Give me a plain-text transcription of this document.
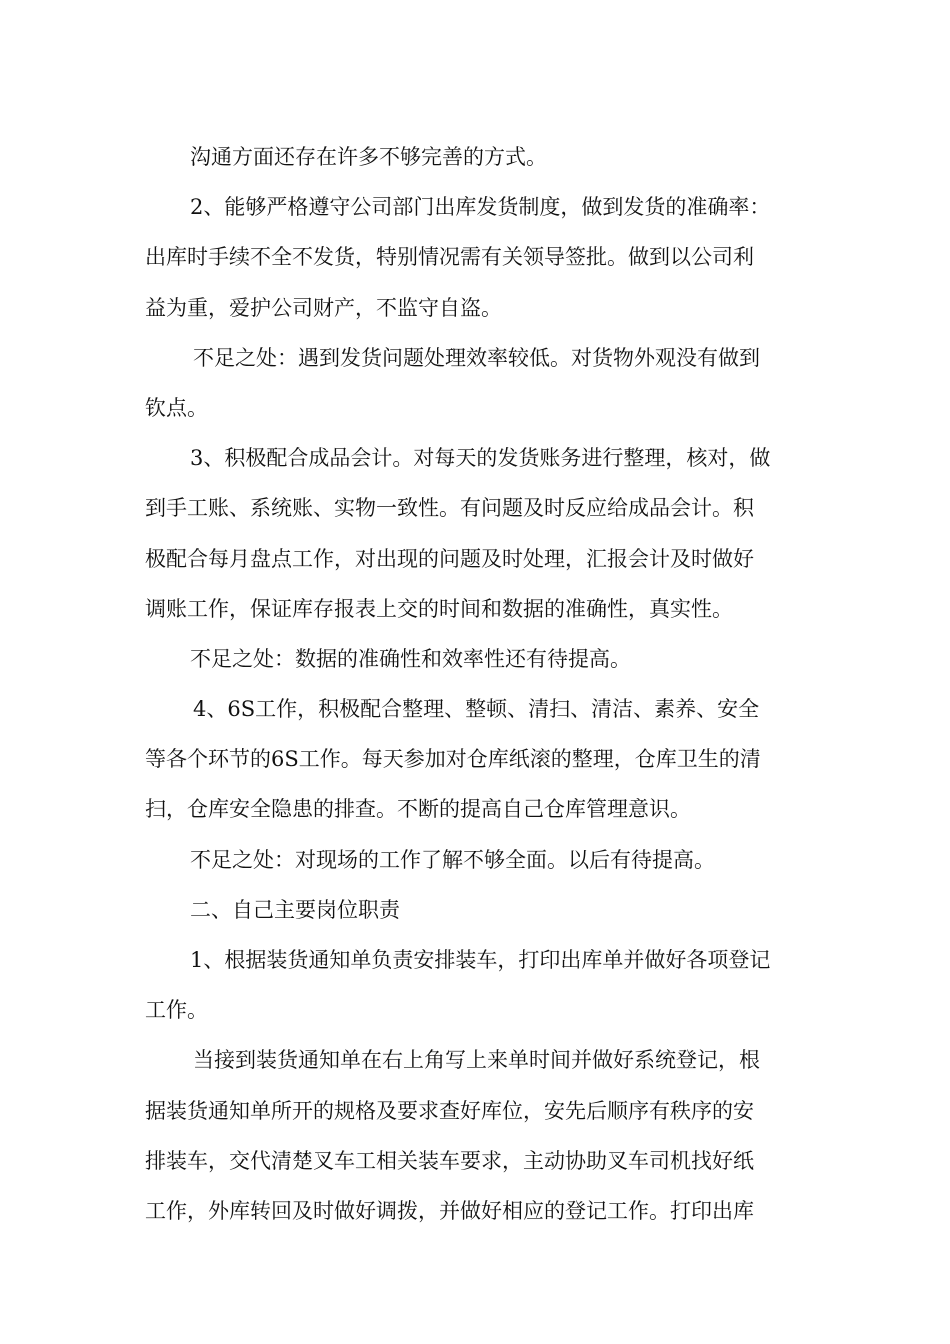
沟通方面还存在许多不够完善的方式。

2、能够严格遵守公司部门出库发货制度，做到发货的准确率：

出库时手续不全不发货，特别情况需有关领导签批。做到以公司利

益为重，爱护公司财产，不监守自盗。

不足之处：遇到发货问题处理效率较低。对货物外观没有做到

钦点。

3、积极配合成品会计。对每天的发货账务进行整理，核对，做

到手工账、系统账、实物一致性。有问题及时反应给成品会计。积

极配合每月盘点工作，对出现的问题及时处理，汇报会计及时做好

调账工作，保证库存报表上交的时间和数据的准确性，真实性。

不足之处：数据的准确性和效率性还有待提高。

4、6S工作，积极配合整理、整顿、清扫、清洁、素养、安全

等各个环节的6S工作。每天参加对仓库纸滚的整理，仓库卫生的清

扫，仓库安全隐患的排查。不断的提高自己仓库管理意识。

不足之处：对现场的工作了解不够全面。以后有待提高。

二、自己主要岗位职责

1、根据装货通知单负责安排装车，打印出库单并做好各项登记

工作。

当接到装货通知单在右上角写上来单时间并做好系统登记，根

据装货通知单所开的规格及要求查好库位，安先后顺序有秩序的安

排装车，交代清楚叉车工相关装车要求，主动协助叉车司机找好纸

工作，外库转回及时做好调拨，并做好相应的登记工作。打印出库
